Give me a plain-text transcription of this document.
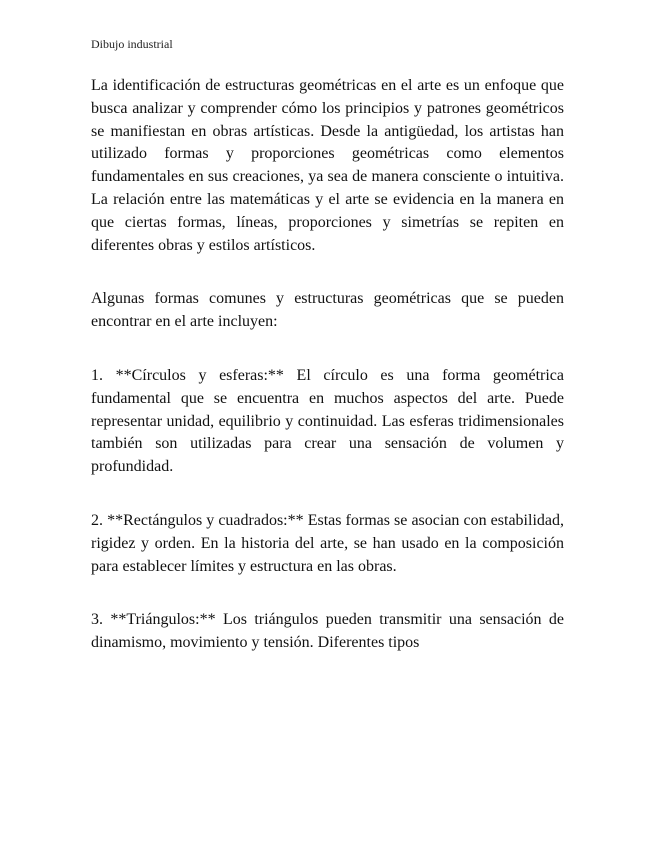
Dibujo industrial

La identificación de estructuras geométricas en el arte es un enfoque que busca analizar y comprender cómo los principios y patrones geométricos se manifiestan en obras artísticas. Desde la antigüedad, los artistas han utilizado formas y proporciones geométricas como elementos fundamentales en sus creaciones, ya sea de manera consciente o intuitiva. La relación entre las matemáticas y el arte se evidencia en la manera en que ciertas formas, líneas, proporciones y simetrías se repiten en diferentes obras y estilos artísticos.

Algunas formas comunes y estructuras geométricas que se pueden encontrar en el arte incluyen:

1. **Círculos y esferas:** El círculo es una forma geométrica fundamental que se encuentra en muchos aspectos del arte. Puede representar unidad, equilibrio y continuidad. Las esferas tridimensionales también son utilizadas para crear una sensación de volumen y profundidad.

2. **Rectángulos y cuadrados:** Estas formas se asocian con estabilidad, rigidez y orden. En la historia del arte, se han usado en la composición para establecer límites y estructura en las obras.

3. **Triángulos:** Los triángulos pueden transmitir una sensación de dinamismo, movimiento y tensión. Diferentes tipos
